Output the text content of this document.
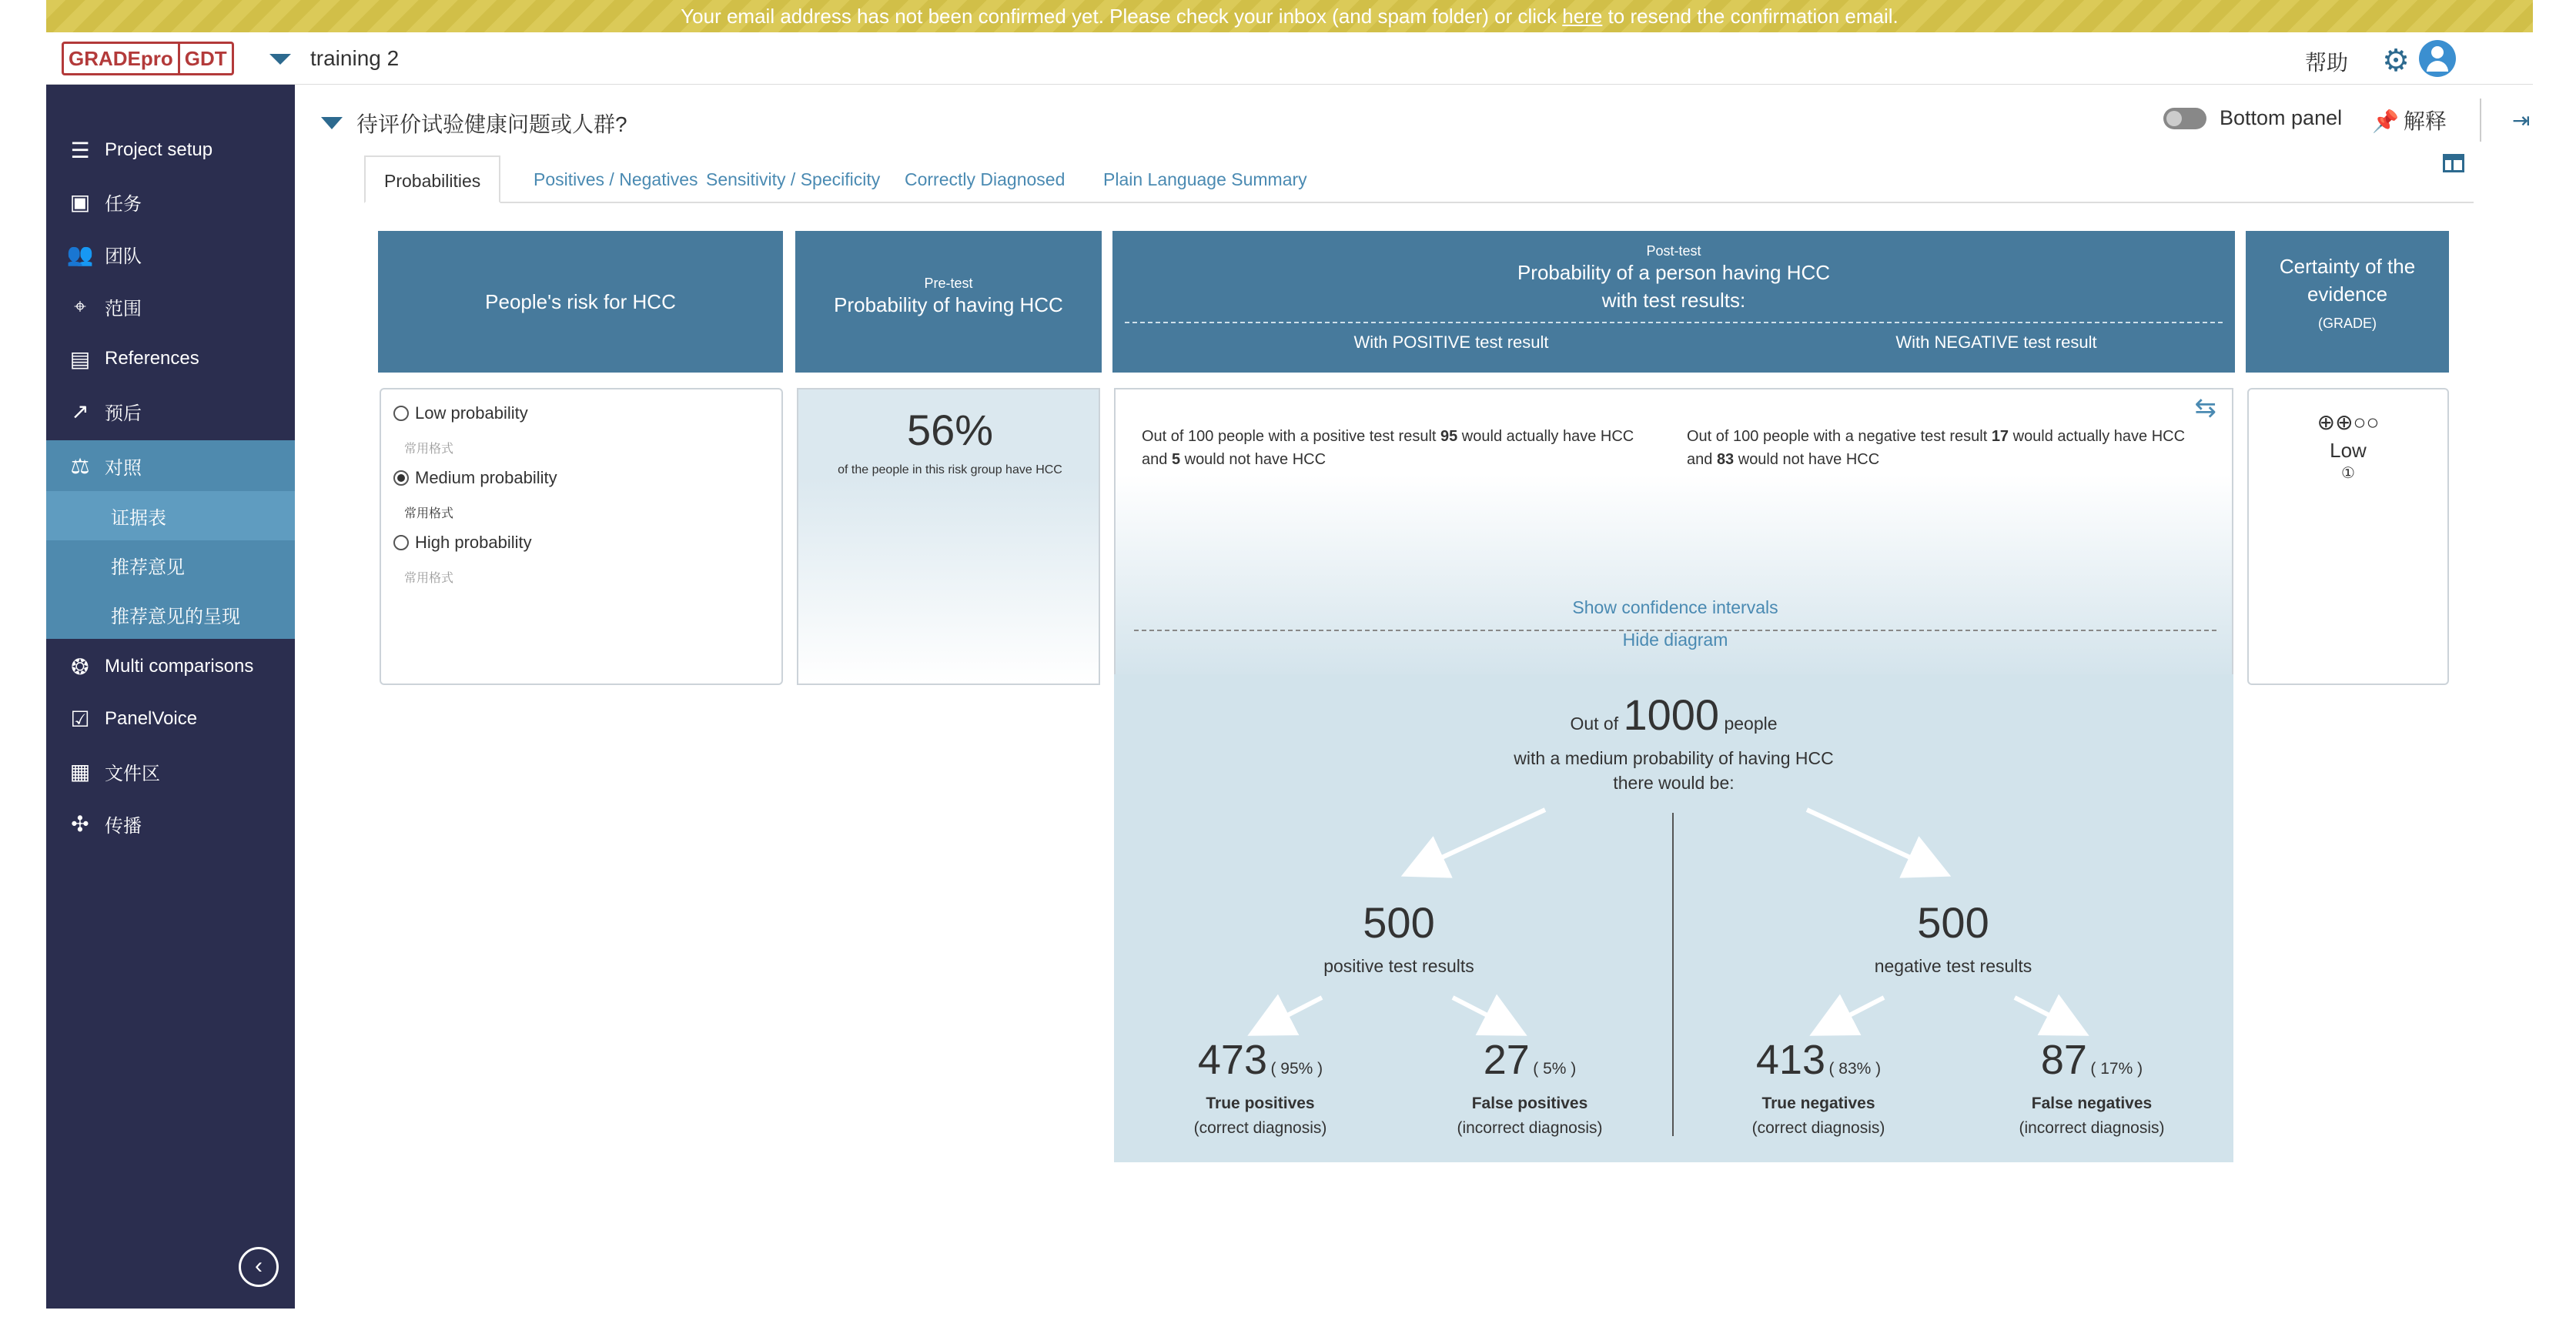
Your email address has not been confirmed yet. Please check your inbox (and spam folder) or click here to resend the confirmation email.
GRADEpro GDT	training 2	帮助 ⚙
☰ Project setup
▣ 任务
👥 团队
⌖	范围
▤ References
↗ 预后
⚖ 对照
证据表
推荐意见
推荐意见的呈现
❂ Multi comparisons
☑ PanelVoice
▦ 文件区
✣ 传播
‹
待评价试验健康问题或人群?	Bottom panel 📌 解释	⇥
Probabilities	Positives / Negatives Sensitivity / Specificity	Correctly Diagnosed	Plain Language Summary
People's risk for HCC
Pre-test
Probability of having HCC
Post-test
Probability of a person having HCC
with test results:
With POSITIVE test result	With NEGATIVE test result
Certainty of the
evidence
(GRADE)
Low probability
常用格式
Medium probability
常用格式
High probability
常用格式
56%
of the people in this risk group have HCC
⇆
Out of 100 people with a positive test result 95 would actually have HCC and 5 would not have HCC
Out of 100 people with a negative test result 17 would actually have HCC and 83 would not have HCC
Show confidence intervals
Hide diagram
⊕⊕○○
Low
①
Out of 1000 people
with a medium probability of having HCC
there would be:
500
positive test results
500
negative test results
473 ( 95% )
True positives
(correct diagnosis)
27 ( 5% )
False positives
(incorrect diagnosis)
413 ( 83% )
True negatives
(correct diagnosis)
87 ( 17% )
False negatives
(incorrect diagnosis)
